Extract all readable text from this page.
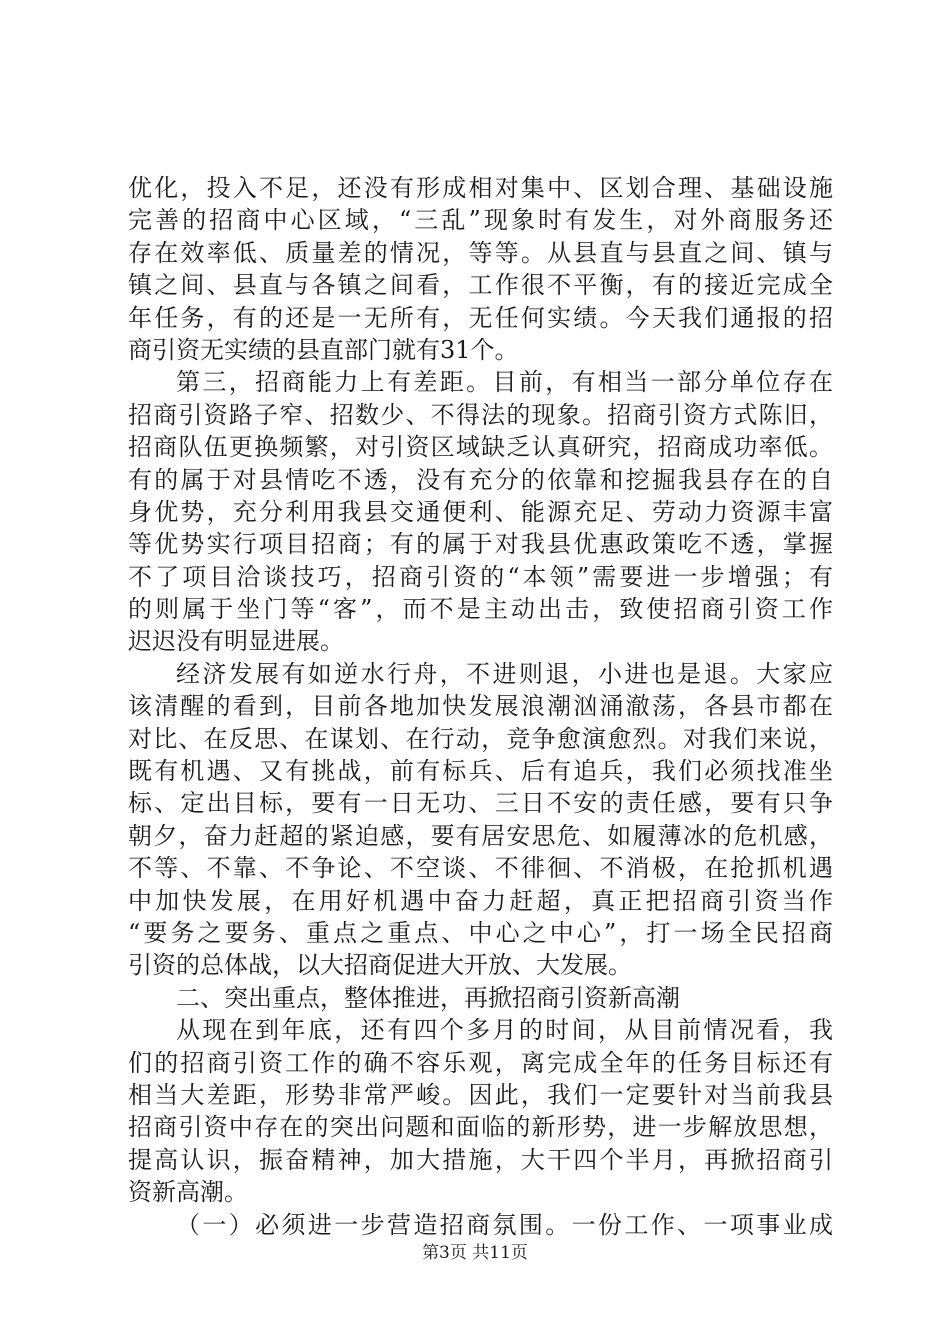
优化，投入不足，还没有形成相对集中、区划合理、基础设施
完善的招商中心区域，“三乱”现象时有发生，对外商服务还
存在效率低、质量差的情况，等等。从县直与县直之间、镇与
镇之间、县直与各镇之间看，工作很不平衡，有的接近完成全
年任务，有的还是一无所有，无任何实绩。今天我们通报的招
商引资无实绩的县直部门就有31个。
第三，招商能力上有差距。目前，有相当一部分单位存在
招商引资路子窄、招数少、不得法的现象。招商引资方式陈旧，
招商队伍更换频繁，对引资区域缺乏认真研究，招商成功率低。
有的属于对县情吃不透，没有充分的依靠和挖掘我县存在的自
身优势，充分利用我县交通便利、能源充足、劳动力资源丰富
等优势实行项目招商；有的属于对我县优惠政策吃不透，掌握
不了项目洽谈技巧，招商引资的“本领”需要进一步增强；有
的则属于坐门等“客”，而不是主动出击，致使招商引资工作
迟迟没有明显进展。
经济发展有如逆水行舟，不进则退，小进也是退。大家应
该清醒的看到，目前各地加快发展浪潮汹涌澈荡，各县市都在
对比、在反思、在谋划、在行动，竞争愈演愈烈。对我们来说，
既有机遇、又有挑战，前有标兵、后有追兵，我们必须找准坐
标、定出目标，要有一日无功、三日不安的责任感，要有只争
朝夕，奋力赶超的紧迫感，要有居安思危、如履薄冰的危机感，
不等、不靠、不争论、不空谈、不徘徊、不消极，在抢抓机遇
中加快发展，在用好机遇中奋力赶超，真正把招商引资当作
“要务之要务、重点之重点、中心之中心”，打一场全民招商
引资的总体战，以大招商促进大开放、大发展。
二、突出重点，整体推进，再掀招商引资新高潮
从现在到年底，还有四个多月的时间，从目前情况看，我
们的招商引资工作的确不容乐观，离完成全年的任务目标还有
相当大差距，形势非常严峻。因此，我们一定要针对当前我县
招商引资中存在的突出问题和面临的新形势，进一步解放思想，
提高认识，振奋精神，加大措施，大干四个半月，再掀招商引
资新高潮。
（一）必须进一步营造招商氛围。一份工作、一项事业成
第3页 共11页
